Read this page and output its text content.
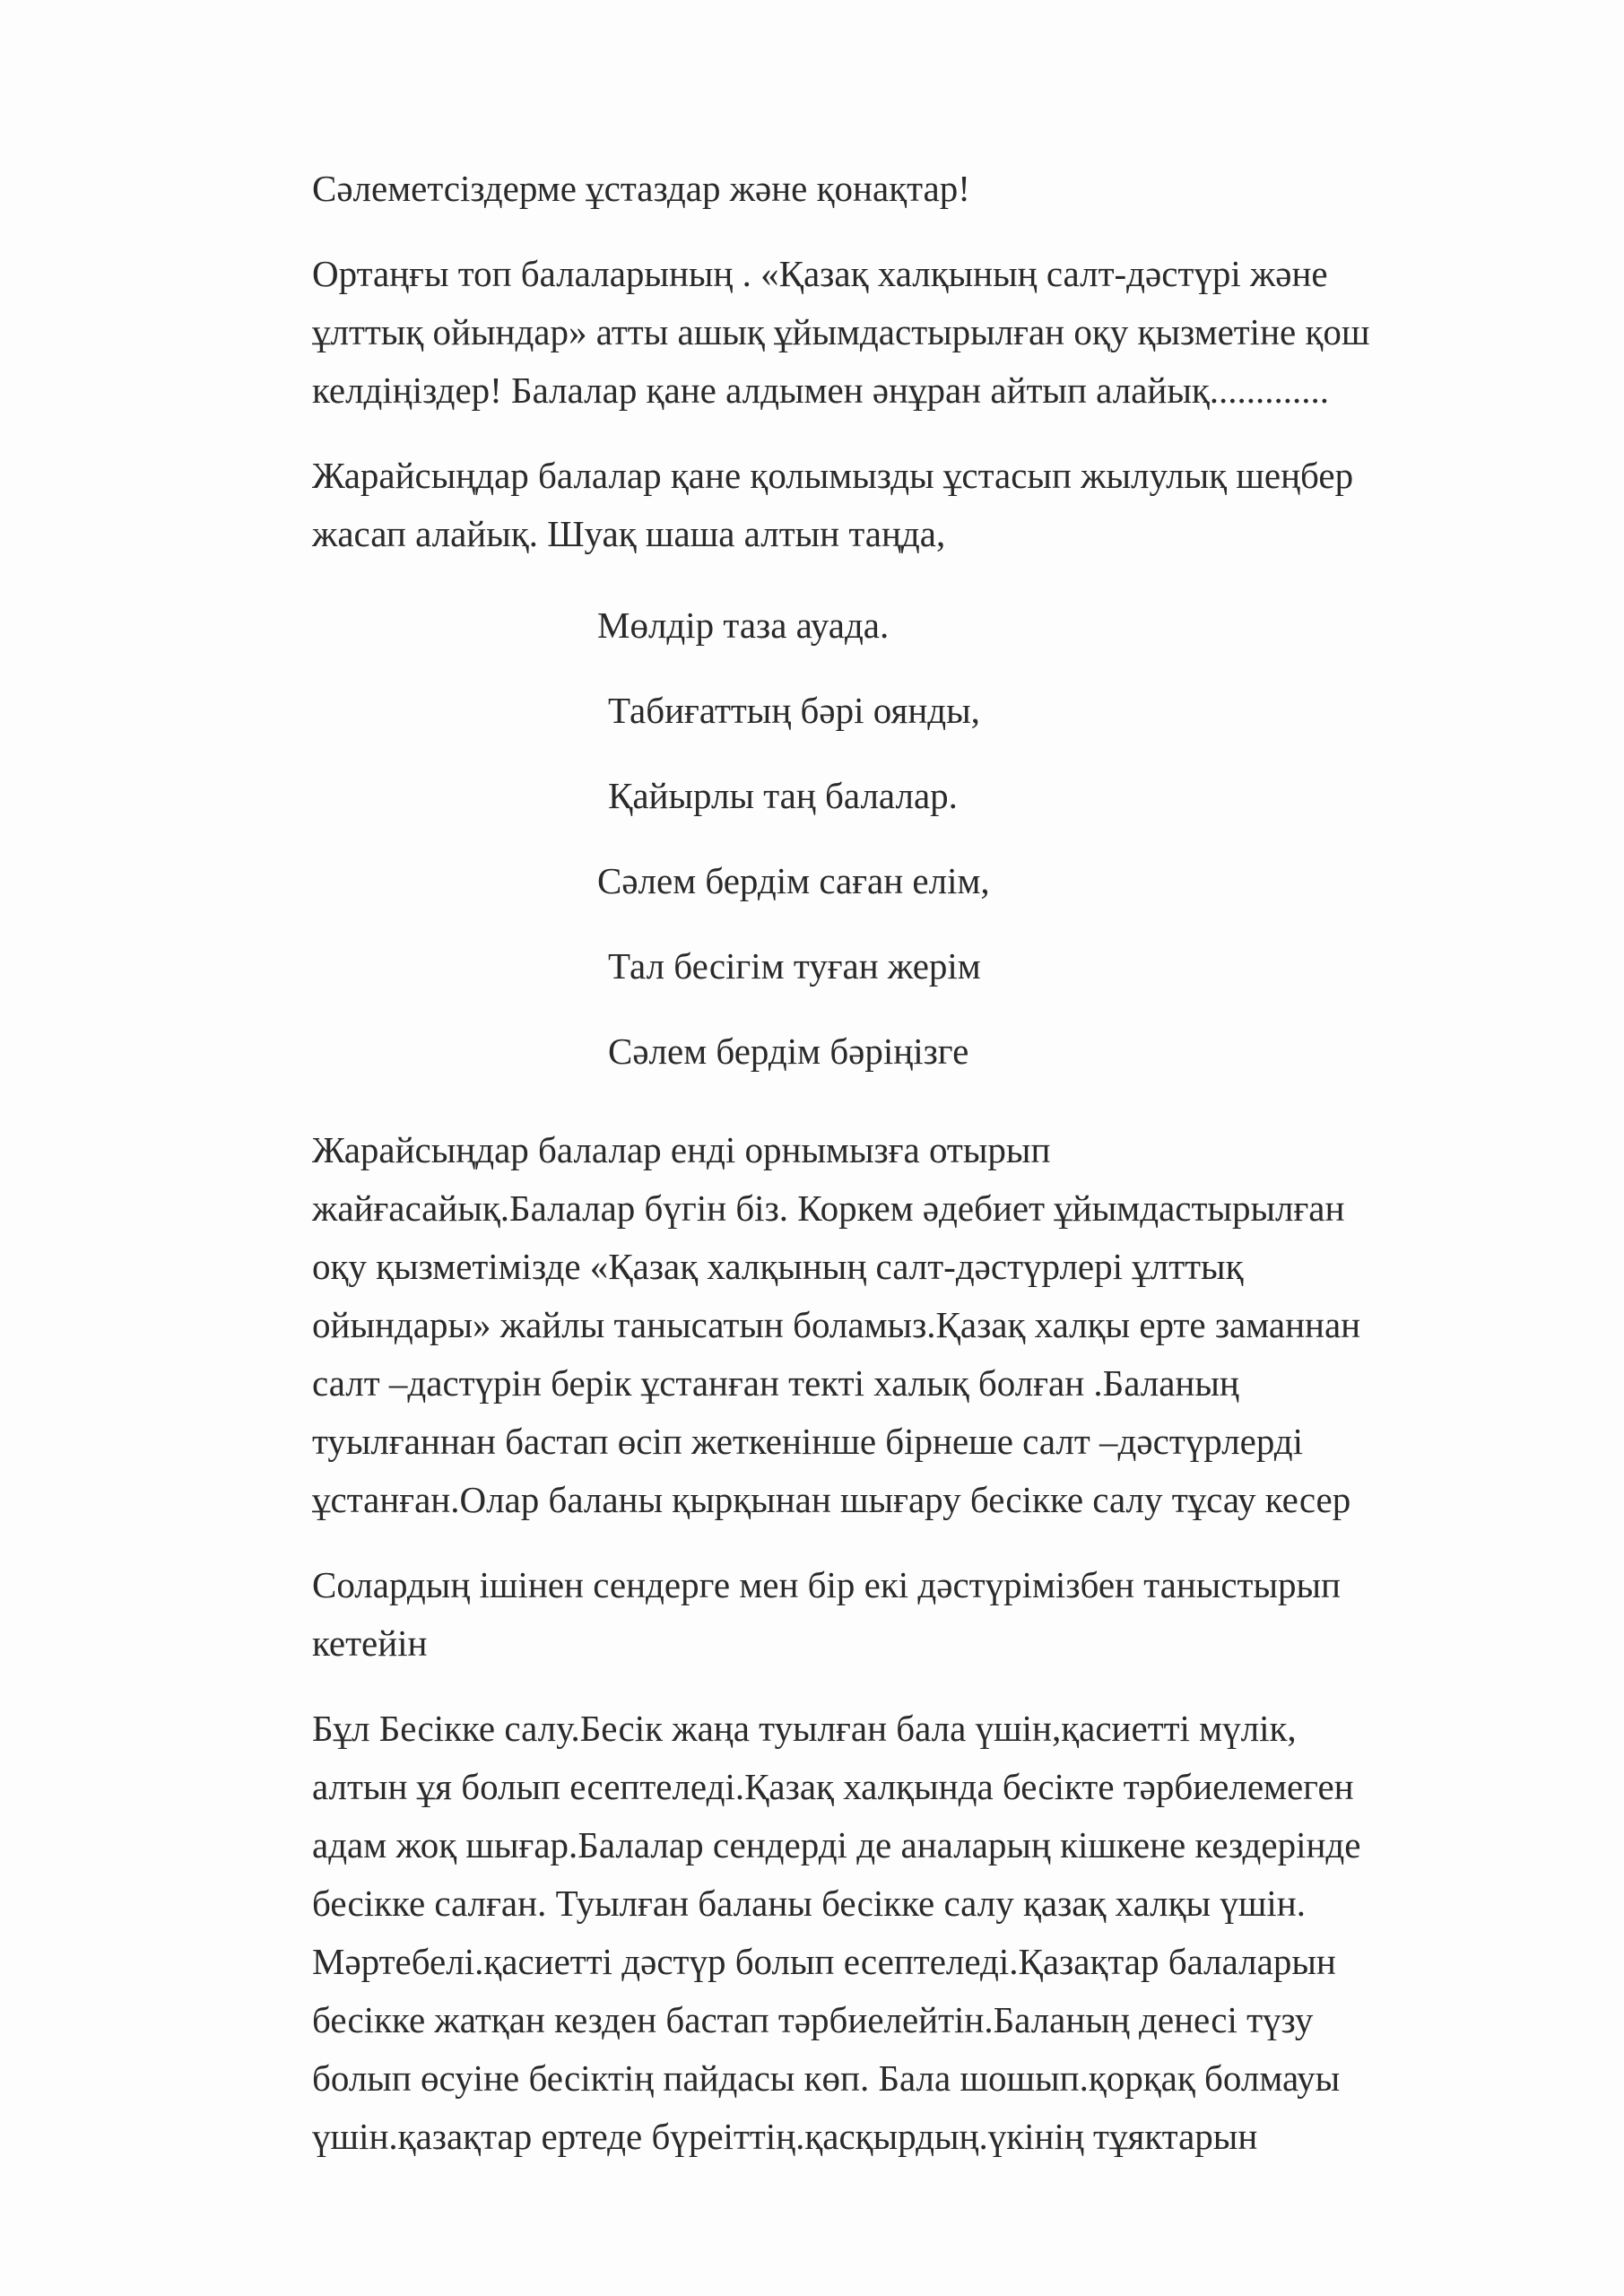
Сәлеметсіздерме ұстаздар және қонақтар!

Ортаңғы топ балаларының . «Қазақ халқының салт-дәстүрі және
ұлттық ойындар» атты ашық ұйымдастырылған оқу қызметіне қош
келдіңіздер! Балалар қане алдымен әнұран айтып алайық.............

Жарайсыңдар балалар қане қолымызды ұстасып жылулық шеңбер
жасап алайық. Шуақ шаша алтын таңда,

Мөлдір таза ауада.
Табиғаттың бәрі оянды,
Қайырлы таң балалар.
Сәлем бердім саған елім,
Тал бесігім туған жерім
Сәлем бердім бәріңізге

Жарайсыңдар балалар енді орнымызға отырып
жайғасайық.Балалар бүгін біз. Коркем әдебиет ұйымдастырылған
оқу қызметімізде «Қазақ халқының салт-дәстүрлері ұлттық
ойындары» жайлы танысатын боламыз.Қазақ халқы ерте заманнан
салт –дастүрін берік ұстанған текті халық болған .Баланың
туылғаннан бастап өсіп жеткенінше бірнеше салт –дәстүрлерді
ұстанған.Олар баланы қырқынан шығару бесікке салу тұсау кесер

Солардың ішінен сендерге мен бір екі дәстүрімізбен таныстырып
кетейін

Бұл Бесікке салу.Бесік жаңа туылған бала үшін,қасиетті мүлік,
алтын ұя болып есептеледі.Қазақ халқында бесікте тәрбиелемеген
адам жоқ шығар.Балалар сендерді де аналарың кішкене кездерінде
бесікке салған. Туылған баланы бесікке салу қазақ халқы үшін.
Мәртебелі.қасиетті дәстүр болып есептеледі.Қазақтар балаларын
бесікке жатқан кезден бастап тәрбиелейтін.Баланың денесі түзу
болып өсуіне бесіктің пайдасы көп. Бала шошып.қорқақ болмауы
үшін.қазақтар ертеде бүреіттің.қасқырдың.үкінің тұяктарын
